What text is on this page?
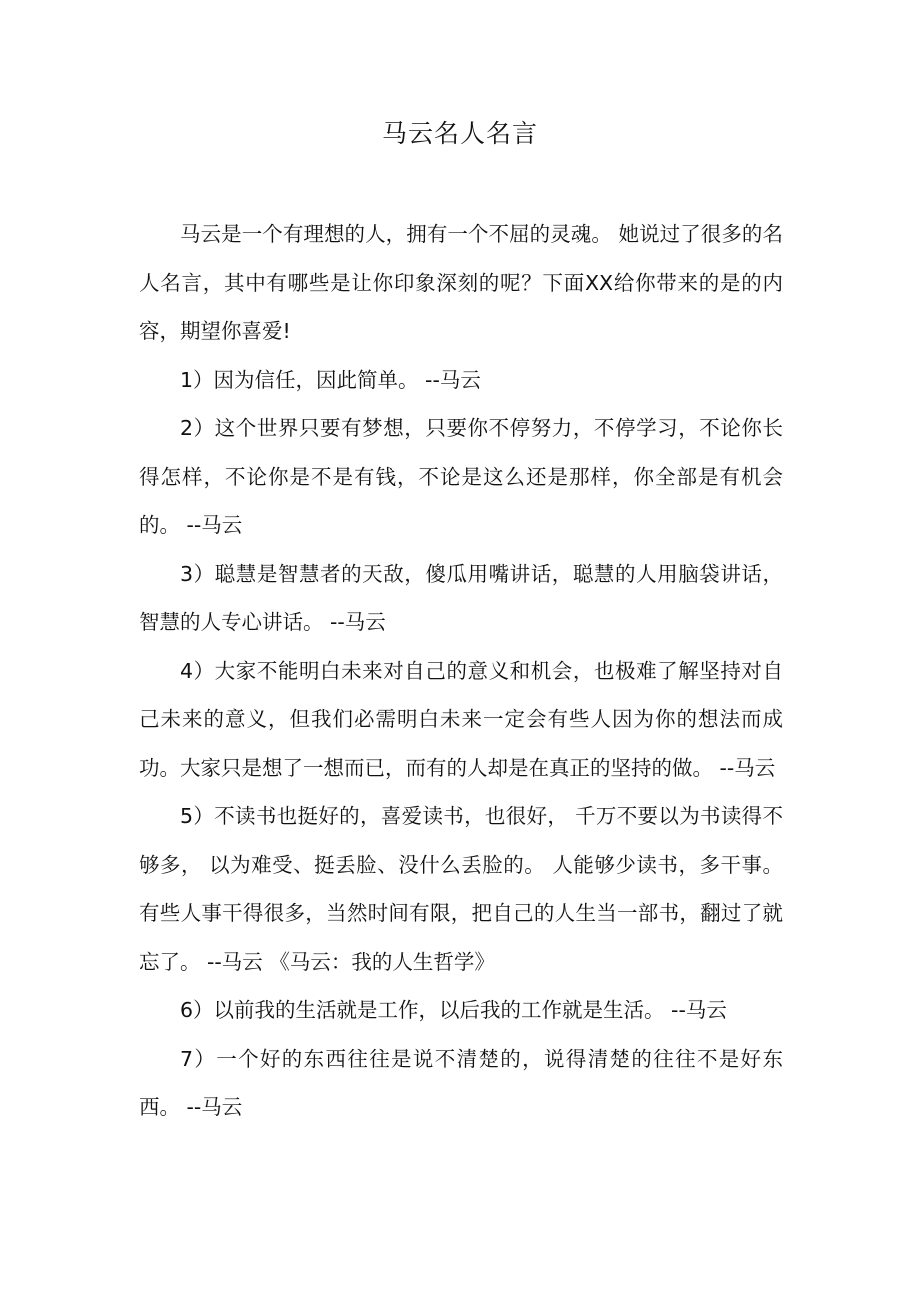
马云名人名言

马云是一个有理想的人，拥有一个不屈的灵魂。 她说过了很多的名人名言，其中有哪些是让你印象深刻的呢？下面XX给你带来的是的内容，期望你喜爱!

1）因为信任，因此简单。 --马云

2）这个世界只要有梦想，只要你不停努力，不停学习，不论你长得怎样，不论你是不是有钱，不论是这么还是那样，你全部是有机会的。 --马云

3）聪慧是智慧者的天敌，傻瓜用嘴讲话，聪慧的人用脑袋讲话，智慧的人专心讲话。 --马云

4）大家不能明白未来对自己的意义和机会，也极难了解坚持对自己未来的意义，但我们必需明白未来一定会有些人因为你的想法而成功。大家只是想了一想而已，而有的人却是在真正的坚持的做。 --马云

5）不读书也挺好的，喜爱读书，也很好， 千万不要以为书读得不够多， 以为难受、挺丢脸、没什么丢脸的。 人能够少读书，多干事。 有些人事干得很多，当然时间有限，把自己的人生当一部书，翻过了就忘了。 --马云 《马云：我的人生哲学》

6）以前我的生活就是工作，以后我的工作就是生活。 --马云

7）一个好的东西往往是说不清楚的，说得清楚的往往不是好东西。 --马云
